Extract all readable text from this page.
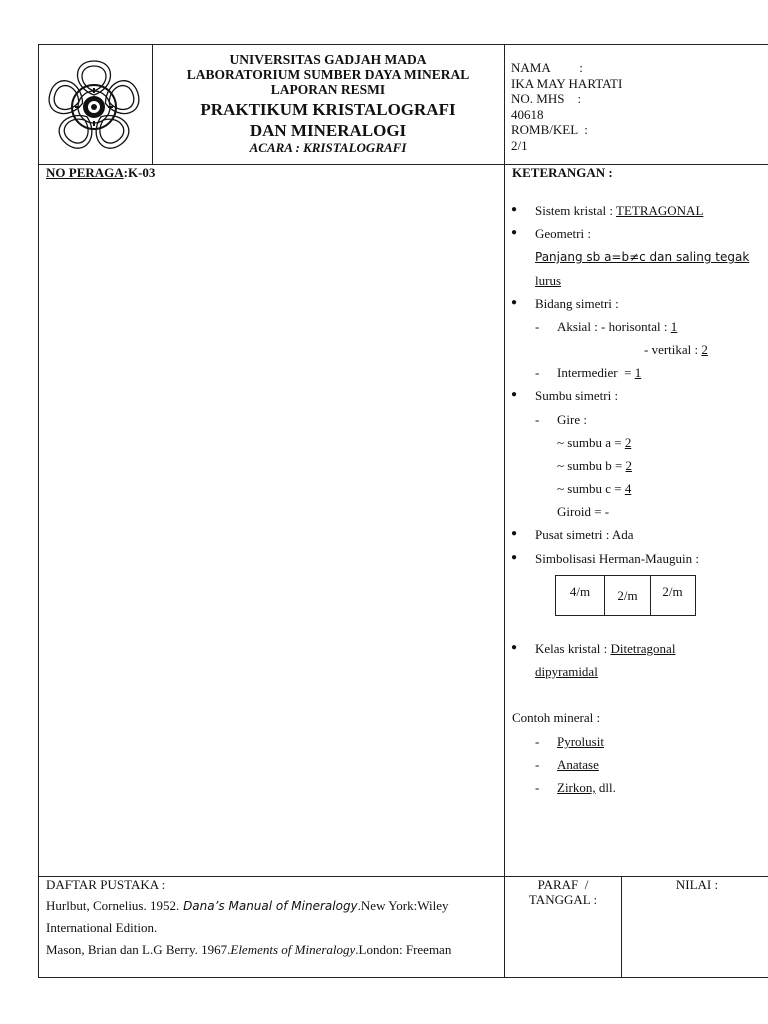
UNIVERSITAS GADJAH MADA
LABORATORIUM SUMBER DAYA MINERAL
LAPORAN RESMI
PRAKTIKUM KRISTALOGRAFI
DAN MINERALOGI
ACARA : KRISTALOGRAFI
NAMA         :
IKA MAY HARTATI
NO. MHS    :
40618
ROMB/KEL  :
2/1
NO PERAGA:K-03	KETERANGAN :
● Sistem kristal : TETRAGONAL
● Geometri :
Panjang sb a=b≠c dan saling tegak
lurus
● Bidang simetri :
- Aksial : - horisontal : 1
- vertikal : 2
- Intermedier  = 1
● Sumbu simetri :
- Gire :
~ sumbu a = 2
~ sumbu b = 2
~ sumbu c = 4
Giroid = -
● Pusat simetri : Ada
● Simbolisasi Herman-Mauguin :
4/m	2/m	2/m
● Kelas kristal : Ditetragonal
dipyramidal
Contoh mineral :
- Pyrolusit
- Anatase
- Zirkon, dll.
DAFTAR PUSTAKA :
Hurlbut, Cornelius. 1952. Dana’s Manual of Mineralogy.New York:Wiley
International Edition.
Mason, Brian dan L.G Berry. 1967.Elements of Mineralogy.London: Freeman
PARAF  /
TANGGAL :
NILAI :
